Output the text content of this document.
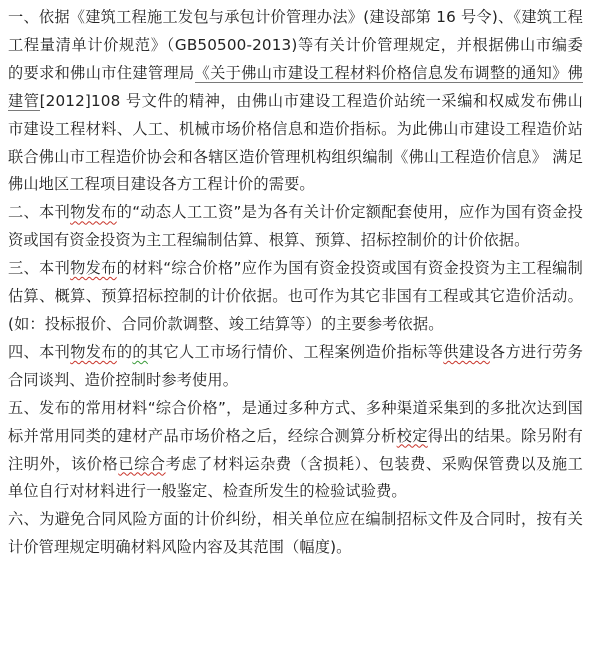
一、依据《建筑工程施工发包与承包计价管理办法》(建设部第 16 号令)、《建筑工程工程量清单计价规范》（GB50500-2013)等有关计价管理规定，并根据佛山市编委的要求和佛山市住建管理局《关于佛山市建设工程材料价格信息发布调整的通知》佛建管[2012]108 号文件的精神，由佛山市建设工程造价站统一采编和权威发布佛山市建设工程材料、人工、机械市场价格信息和造价指标。为此佛山市建设工程造价站联合佛山市工程造价协会和各辖区造价管理机构组织编制《佛山工程造价信息》 满足佛山地区工程项目建设各方工程计价的需要。

二、本刊物发布的“动态人工工资”是为各有关计价定额配套使用，应作为国有资金投资或国有资金投资为主工程编制估算、根算、预算、招标控制价的计价依据。

三、本刊物发布的材料“综合价格”应作为国有资金投资或国有资金投资为主工程编制估算、概算、预算招标控制的计价依据。也可作为其它非国有工程或其它造价活动。(如：投标报价、合同价款调整、竣工结算等）的主要参考依据。

四、本刊物发布的的其它人工市场行情价、工程案例造价指标等供建设各方进行劳务合同谈判、造价控制时参考使用。

五、发布的常用材料“综合价格”，是通过多种方式、多种渠道采集到的多批次达到国标并常用同类的建材产品市场价格之后，经综合测算分析校定得出的结果。除另附有注明外，该价格已综合考虑了材料运杂费（含损耗）、包装费、采购保管费以及施工单位自行对材料进行一般鉴定、检查所发生的检验试验费。

六、为避免合同风险方面的计价纠纷，相关单位应在编制招标文件及合同时，按有关计价管理规定明确材料风险内容及其范围（幅度)。
